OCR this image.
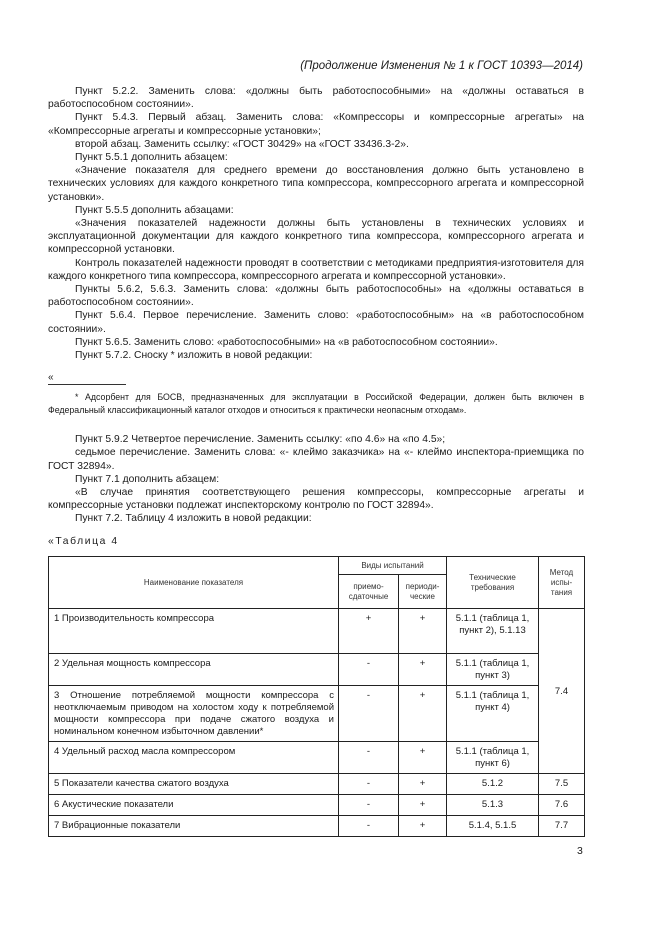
(Продолжение Изменения № 1 к ГОСТ 10393—2014)

Пункт 5.2.2. Заменить слова: «должны быть работоспособными» на «должны оставаться в работоспособном состоянии».

Пункт 5.4.3. Первый абзац. Заменить слова: «Компрессоры и компрессорные агрегаты» на «Компрессорные агрегаты и компрессорные установки»;

второй абзац. Заменить ссылку: «ГОСТ 30429» на «ГОСТ 33436.3-2».

Пункт 5.5.1 дополнить абзацем:

«Значение показателя для среднего времени до восстановления должно быть установлено в технических условиях для каждого конкретного типа компрессора, компрессорного агрегата и компрессорной установки».

Пункт 5.5.5 дополнить абзацами:

«Значения показателей надежности должны быть установлены в технических условиях и эксплуатационной документации для каждого конкретного типа компрессора, компрессорного агрегата и компрессорной установки.

Контроль показателей надежности проводят в соответствии с методиками предприятия-изготовителя для каждого конкретного типа компрессора, компрессорного агрегата и компрессорной установки».

Пункты 5.6.2, 5.6.3. Заменить слова: «должны быть работоспособны» на «должны оставаться в работоспособном состоянии».

Пункт 5.6.4. Первое перечисление. Заменить слово: «работоспособным» на «в работоспособном состоянии».

Пункт 5.6.5. Заменить слово: «работоспособными» на «в работоспособном состоянии».

Пункт 5.7.2. Сноску * изложить в новой редакции:

«

* Адсорбент для БОСВ, предназначенных для эксплуатации в Российской Федерации, должен быть включен в Федеральный классификационный каталог отходов и относиться к практически неопасным отходам».

Пункт 5.9.2 Четвертое перечисление. Заменить ссылку: «по 4.6» на «по 4.5»;

седьмое перечисление. Заменить слова: «- клеймо заказчика» на «- клеймо инспектора-приемщика по ГОСТ 32894».

Пункт 7.1 дополнить абзацем:

«В случае принятия соответствующего решения компрессоры, компрессорные агрегаты и компрессорные установки подлежат инспекторскому контролю по ГОСТ 32894».

Пункт 7.2. Таблицу 4 изложить в новой редакции:

«Таблица 4
Наименование показателя	Виды испытаний		Технические требования	Метод испы-тания
	приемо-сдаточные	периоди-ческие		
1 Производительность компрессора	+	+	5.1.1 (таблица 1, пункт 2), 5.1.13	7.4
2 Удельная мощность компрессора	-	+	5.1.1 (таблица 1, пункт 3)	
3 Отношение потребляемой мощности компрессора с неотключаемым приводом на холостом ходу к потребляемой мощности компрессора при подаче сжатого воздуха и номинальном конечном избыточном давлении*	-	+	5.1.1 (таблица 1, пункт 4)	
4 Удельный расход масла компрессором	-	+	5.1.1 (таблица 1, пункт 6)	
5 Показатели качества сжатого воздуха	-	+	5.1.2	7.5
6 Акустические показатели	-	+	5.1.3	7.6
7 Вибрационные показатели	-	+	5.1.4, 5.1.5	7.7
3
